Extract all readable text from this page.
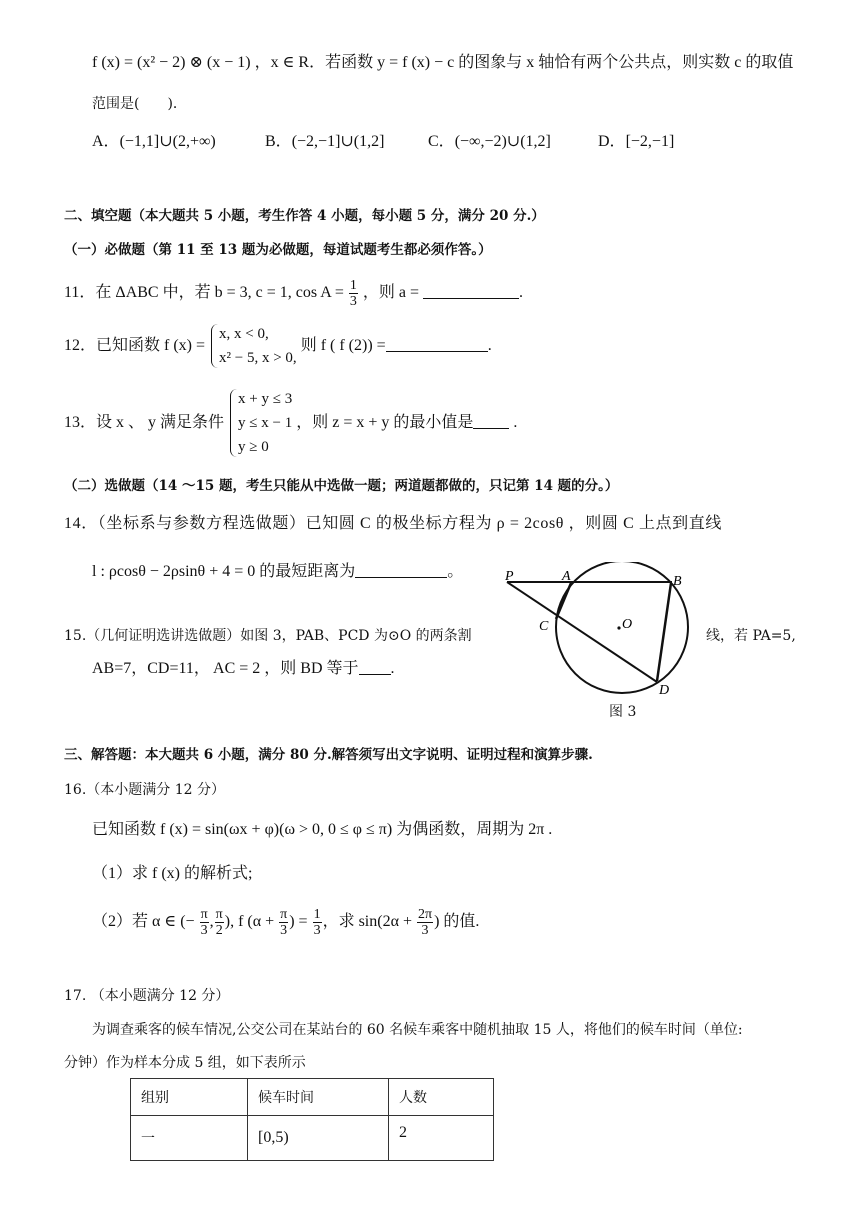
f (x) = (x² − 2) ⊗ (x − 1) ，x ∈ R．若函数 y = f (x) − c 的图象与 x 轴恰有两个公共点，则实数 c 的取值
范围是(　　)．
A．(−1,1]∪(2,+∞)	B．(−2,−1]∪(1,2]	C．(−∞,−2)∪(1,2]	D．[−2,−1]
二、填空题（本大题共 5 小题，考生作答 4 小题，每小题 5 分，满分 20 分.）
（一）必做题（第 11 至 13 题为必做题，每道试题考生都必须作答。）
11．在 ΔABC 中，若 b = 3, c = 1, $\cos A = \frac{1}{3}$ ，则 a =	.
12．已知函数 f (x) =
x, x < 0,
x² − 5, x > 0,
则 f ( f (2)) =	.
13．设 x 、 y 满足条件
x + y ≤ 3
y ≤ x − 1
y ≥ 0
，则 z = x + y 的最小值是	.
（二）选做题（14 ～15 题，考生只能从中选做一题；两道题都做的，只记第 14 题的分。）
14．（坐标系与参数方程选做题）已知圆 C 的极坐标方程为 ρ = 2cosθ ，则圆 C 上点到直线
l : ρcosθ − 2ρsinθ + 4 = 0 的最短距离为	。
15.（几何证明选讲选做题）如图 3，PAB、PCD 为⊙O 的两条割	线，若 PA=5,
AB=7，CD=11， AC = 2 ，则 BD 等于 .
P	A	B
C	O
D
图 3
三、解答题：本大题共 6 小题，满分 80 分.解答须写出文字说明、证明过程和演算步骤.
16.（本小题满分 12 分）
已知函数 f (x) = sin(ωx + φ)(ω > 0, 0 ≤ φ ≤ π) 为偶函数，周期为 2π .
（1）求 f (x) 的解析式;
（2）若 α ∈ (− $\frac{\pi}{3}$ , $\frac{\pi}{2}$ ), f ($\alpha + \frac{\pi}{3}$ ) = $\frac{1}{3}$ ，求 $\sin(2\alpha + \frac{2\pi}{3}$ ) 的值.
17. （本小题满分 12 分）
为调查乘客的候车情况,公交公司在某站台的 60 名候车乘客中随机抽取 15 人，将他们的候车时间（单位:
分钟）作为样本分成 5 组，如下表所示
组别	候车时间	人数
一	[0,5)	2
